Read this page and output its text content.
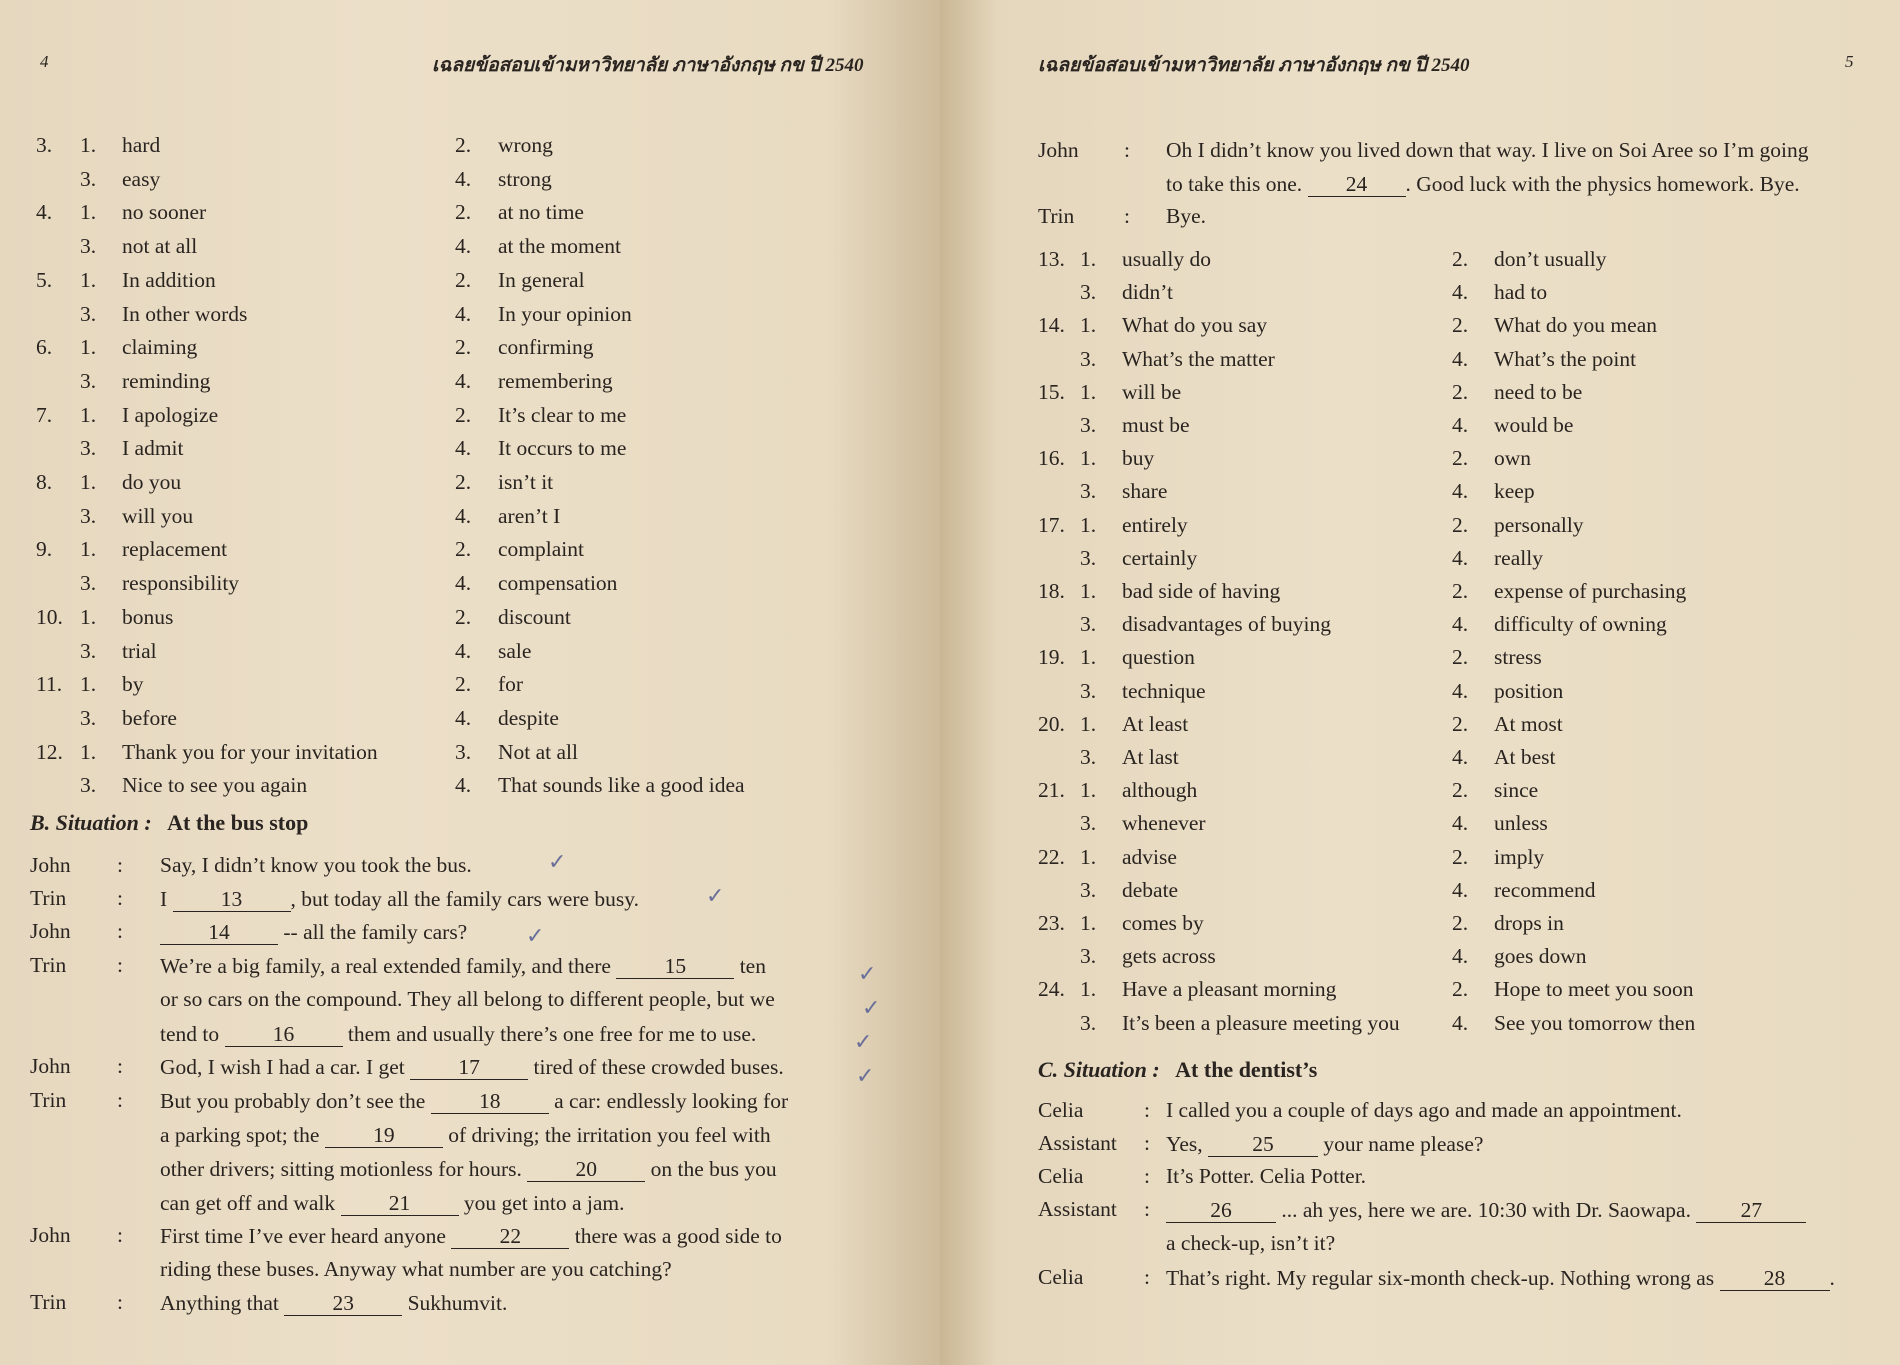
4	เฉลยข้อสอบเข้ามหาวิทยาลัย ภาษาอังกฤษ กข ปี 2540
3. 1. hard	2. wrong
3. easy	4. strong
4. 1. no sooner	2. at no time
3. not at all	4. at the moment
5. 1. In addition	2. In general
3. In other words	4. In your opinion
6. 1. claiming	2. confirming
3. reminding	4. remembering
7. 1. I apologize	2. It’s clear to me
3. I admit	4. It occurs to me
8. 1. do you	2. isn’t it
3. will you	4. aren’t I
9. 1. replacement	2. complaint
3. responsibility	4. compensation
10. 1. bonus	2. discount
3. trial	4. sale
11. 1. by	2. for
3. before	4. despite
12. 1. Thank you for your invitation	3. Not at all
3. Nice to see you again	4. That sounds like a good idea
B. Situation : At the bus stop
John : Say, I didn’t know you took the bus.
Trin : I 13 , but today all the family cars were busy.
John :	14 -- all the family cars?
Trin : We’re a big family, a real extended family, and there 15 ten
or so cars on the compound. They all belong to different people, but we
tend to 16 them and usually there’s one free for me to use.
John : God, I wish I had a car. I get 17 tired of these crowded buses.
Trin : But you probably don’t see the 18 a car: endlessly looking for
a parking spot; the 19 of driving; the irritation you feel with
other drivers; sitting motionless for hours. 20 on the bus you
can get off and walk 21 you get into a jam.
John : First time I’ve ever heard anyone 22 there was a good side to
riding these buses. Anyway what number are you catching?
Trin : Anything that 23 Sukhumvit.
✓
✓
✓
✓
✓
✓
✓
เฉลยข้อสอบเข้ามหาวิทยาลัย ภาษาอังกฤษ กข ปี 2540	5
John : Oh I didn’t know you lived down that way. I live on Soi Aree so I’m going
to take this one. 24 . Good luck with the physics homework. Bye.
Trin : Bye.
13. 1. usually do	2. don’t usually
3. didn’t	4. had to
14. 1. What do you say	2. What do you mean
3. What’s the matter	4. What’s the point
15. 1. will be	2. need to be
3. must be	4. would be
16. 1. buy	2. own
3. share	4. keep
17. 1. entirely	2. personally
3. certainly	4. really
18. 1. bad side of having	2. expense of purchasing
3. disadvantages of buying	4. difficulty of owning
19. 1. question	2. stress
3. technique	4. position
20. 1. At least	2. At most
3. At last	4. At best
21. 1. although	2. since
3. whenever	4. unless
22. 1. advise	2. imply
3. debate	4. recommend
23. 1. comes by	2. drops in
3. gets across	4. goes down
24. 1. Have a pleasant morning	2. Hope to meet you soon
3. It’s been a pleasure meeting you 4. See you tomorrow then
C. Situation : At the dentist’s
Celia	: I called you a couple of days ago and made an appointment.
Assistant : Yes, 25 your name please?
Celia	: It’s Potter. Celia Potter.
Assistant :	26 ... ah yes, here we are. 10:30 with Dr. Saowapa. 27
a check-up, isn’t it?
Celia	: That’s right. My regular six-month check-up. Nothing wrong as 28 .
